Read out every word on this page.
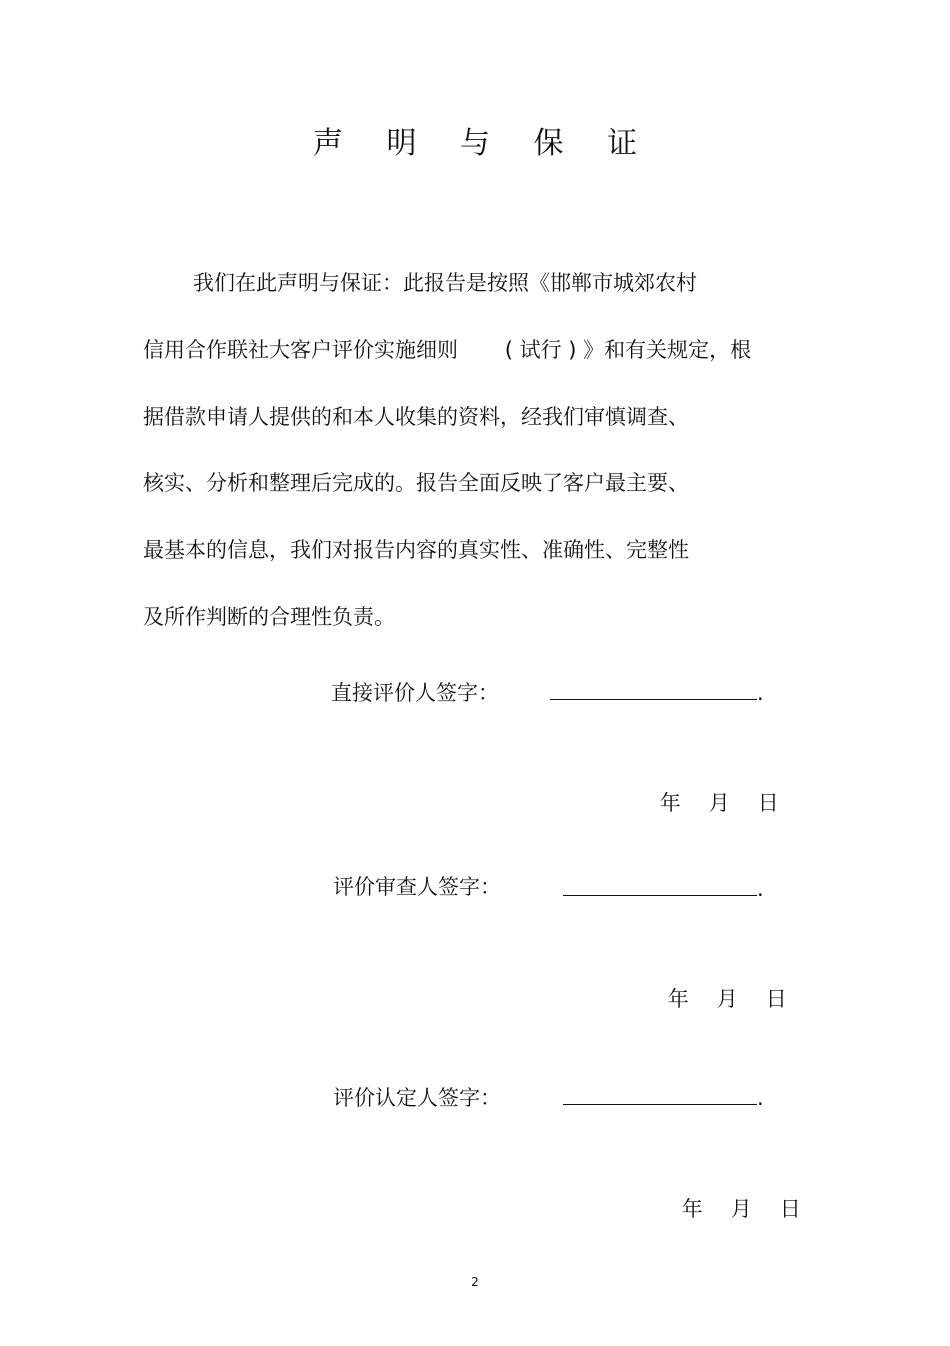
声 明 与 保 证
我们在此声明与保证：此报告是按照《邯郸市城郊农村
信用合作联社大客户评价实施细则       ( 试行 ) 》和有关规定，根
据借款申请人提供的和本人收集的资料，经我们审慎调查、
核实、分析和整理后完成的。报告全面反映了客户最主要、
最基本的信息，我们对报告内容的真实性、准确性、完整性
及所作判断的合理性负责。
直接评价人签字：	.

年 月 日

评价审查人签字：	.

年 月 日

评价认定人签字：	.

年 月 日

2
